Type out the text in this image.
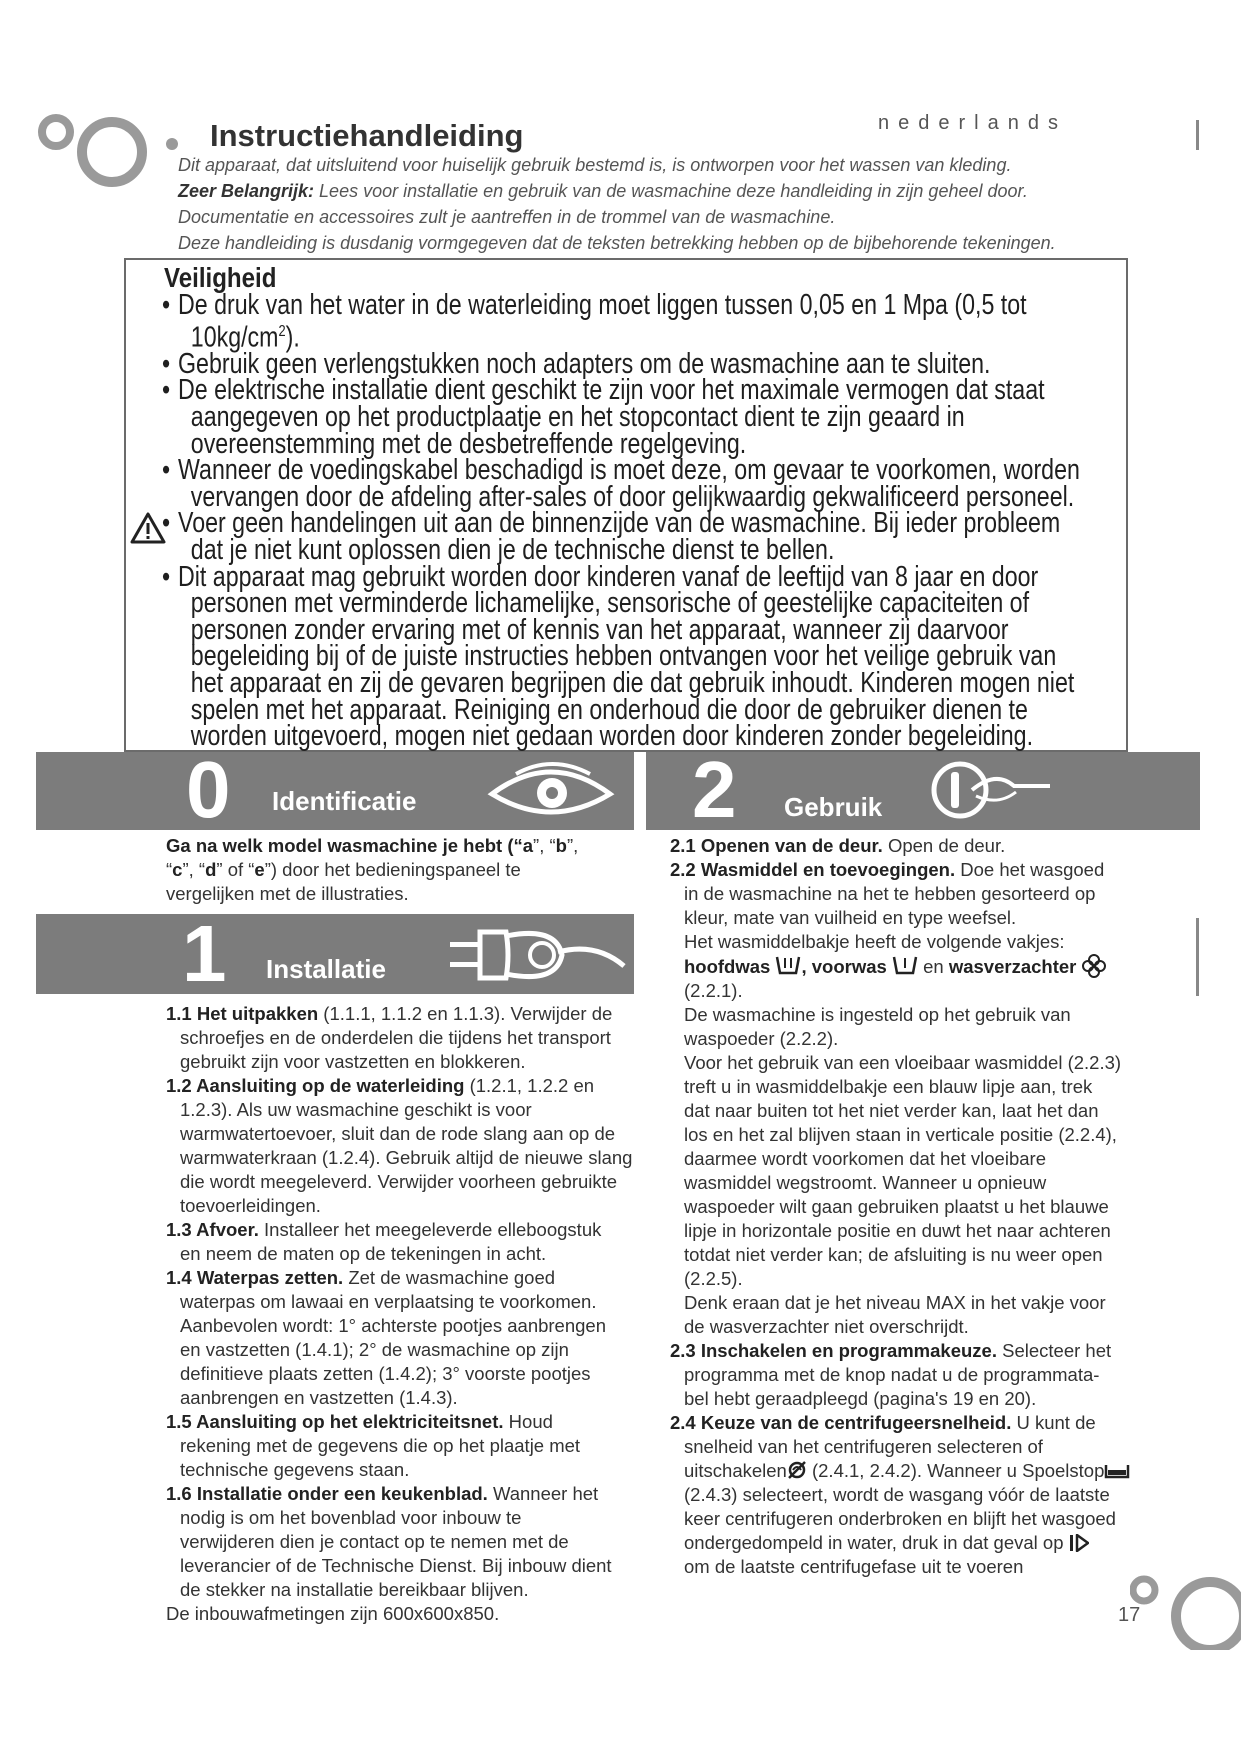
nederlands
Instructiehandleiding

Dit apparaat, dat uitsluitend voor huiselijk gebruik bestemd is, is ontworpen voor het wassen van kleding.

Zeer Belangrijk: Lees voor installatie en gebruik van de wasmachine deze handleiding in zijn geheel door.

Documentatie en accessoires zult je aantreffen in de trommel van de wasmachine.

Deze handleiding is dusdanig vormgegeven dat de teksten betrekking hebben op de bijbehorende tekeningen.

Veiligheid
• De druk van het water in de waterleiding moet liggen tussen 0,05 en 1 Mpa (0,5 tot
$10kg/cm^2$).
• Gebruik geen verlengstukken noch adapters om de wasmachine aan te sluiten.
• De elektrische installatie dient geschikt te zijn voor het maximale vermogen dat staat
aangegeven op het productplaatje en het stopcontact dient te zijn geaard in
overeenstemming met de desbetreffende regelgeving.
• Wanneer de voedingskabel beschadigd is moet deze, om gevaar te voorkomen, worden
vervangen door de afdeling after-sales of door gelijkwaardig gekwalificeerd personeel.
• Voer geen handelingen uit aan de binnenzijde van de wasmachine. Bij ieder probleem
dat je niet kunt oplossen dien je de technische dienst te bellen.
• Dit apparaat mag gebruikt worden door kinderen vanaf de leeftijd van 8 jaar en door
personen met verminderde lichamelijke, sensorische of geestelijke capaciteiten of
personen zonder ervaring met of kennis van het apparaat, wanneer zij daarvoor
begeleiding bij of de juiste instructies hebben ontvangen voor het veilige gebruik van
het apparaat en zij de gevaren begrijpen die dat gebruik inhoudt. Kinderen mogen niet
spelen met het apparaat. Reiniging en onderhoud die door de gebruiker dienen te
worden uitgevoerd, mogen niet gedaan worden door kinderen zonder begeleiding.
0 Identificatie	2 Gebruik
Ga na welk model wasmachine je hebt (“a”, “b”,
“c”, “d” of “e”) door het bedieningspaneel te
vergelijken met de illustraties.
1 Installatie
1.1 Het uitpakken (1.1.1, 1.1.2 en 1.1.3). Verwijder de
schroefjes en de onderdelen die tijdens het transport
gebruikt zijn voor vastzetten en blokkeren.
1.2 Aansluiting op de waterleiding (1.2.1, 1.2.2 en
1.2.3). Als uw wasmachine geschikt is voor
warmwatertoevoer, sluit dan de rode slang aan op de
warmwaterkraan (1.2.4). Gebruik altijd de nieuwe slang
die wordt meegeleverd. Verwijder voorheen gebruikte
toevoerleidingen.
1.3 Afvoer. Installeer het meegeleverde elleboogstuk
en neem de maten op de tekeningen in acht.
1.4 Waterpas zetten. Zet de wasmachine goed
waterpas om lawaai en verplaatsing te voorkomen.
Aanbevolen wordt: 1° achterste pootjes aanbrengen
en vastzetten (1.4.1); 2° de wasmachine op zijn
definitieve plaats zetten (1.4.2); 3° voorste pootjes
aanbrengen en vastzetten (1.4.3).
1.5 Aansluiting op het elektriciteitsnet. Houd
rekening met de gegevens die op het plaatje met
technische gegevens staan.
1.6 Installatie onder een keukenblad. Wanneer het
nodig is om het bovenblad voor inbouw te
verwijderen dien je contact op te nemen met de
leverancier of de Technische Dienst. Bij inbouw dient
de stekker na installatie bereikbaar blijven.
De inbouwafmetingen zijn 600x600x850.
2.1 Openen van de deur. Open de deur.
2.2 Wasmiddel en toevoegingen. Doe het wasgoed
in de wasmachine na het te hebben gesorteerd op
kleur, mate van vuilheid en type weefsel.
Het wasmiddelbakje heeft de volgende vakjes:
hoofdwas , voorwas  en wasverzachter
(2.2.1).
De wasmachine is ingesteld op het gebruik van
waspoeder (2.2.2).
Voor het gebruik van een vloeibaar wasmiddel (2.2.3)
treft u in wasmiddelbakje een blauw lipje aan, trek
dat naar buiten tot het niet verder kan, laat het dan
los en het zal blijven staan in verticale positie (2.2.4),
daarmee wordt voorkomen dat het vloeibare
wasmiddel wegstroomt. Wanneer u opnieuw
waspoeder wilt gaan gebruiken plaatst u het blauwe
lipje in horizontale positie en duwt het naar achteren
totdat niet verder kan; de afsluiting is nu weer open
(2.2.5).
Denk eraan dat je het niveau MAX in het vakje voor
de wasverzachter niet overschrijdt.
2.3 Inschakelen en programmakeuze. Selecteer het
programma met de knop nadat u de programmata-
bel hebt geraadpleegd (pagina's 19 en 20).
2.4 Keuze van de centrifugeersnelheid. U kunt de
snelheid van het centrifugeren selecteren of
uitschakelen (2.4.1, 2.4.2). Wanneer u Spoelstop
(2.4.3) selecteert, wordt de wasgang vóór de laatste
keer centrifugeren onderbroken en blijft het wasgoed
ondergedompeld in water, druk in dat geval op
om de laatste centrifugefase uit te voeren
17
